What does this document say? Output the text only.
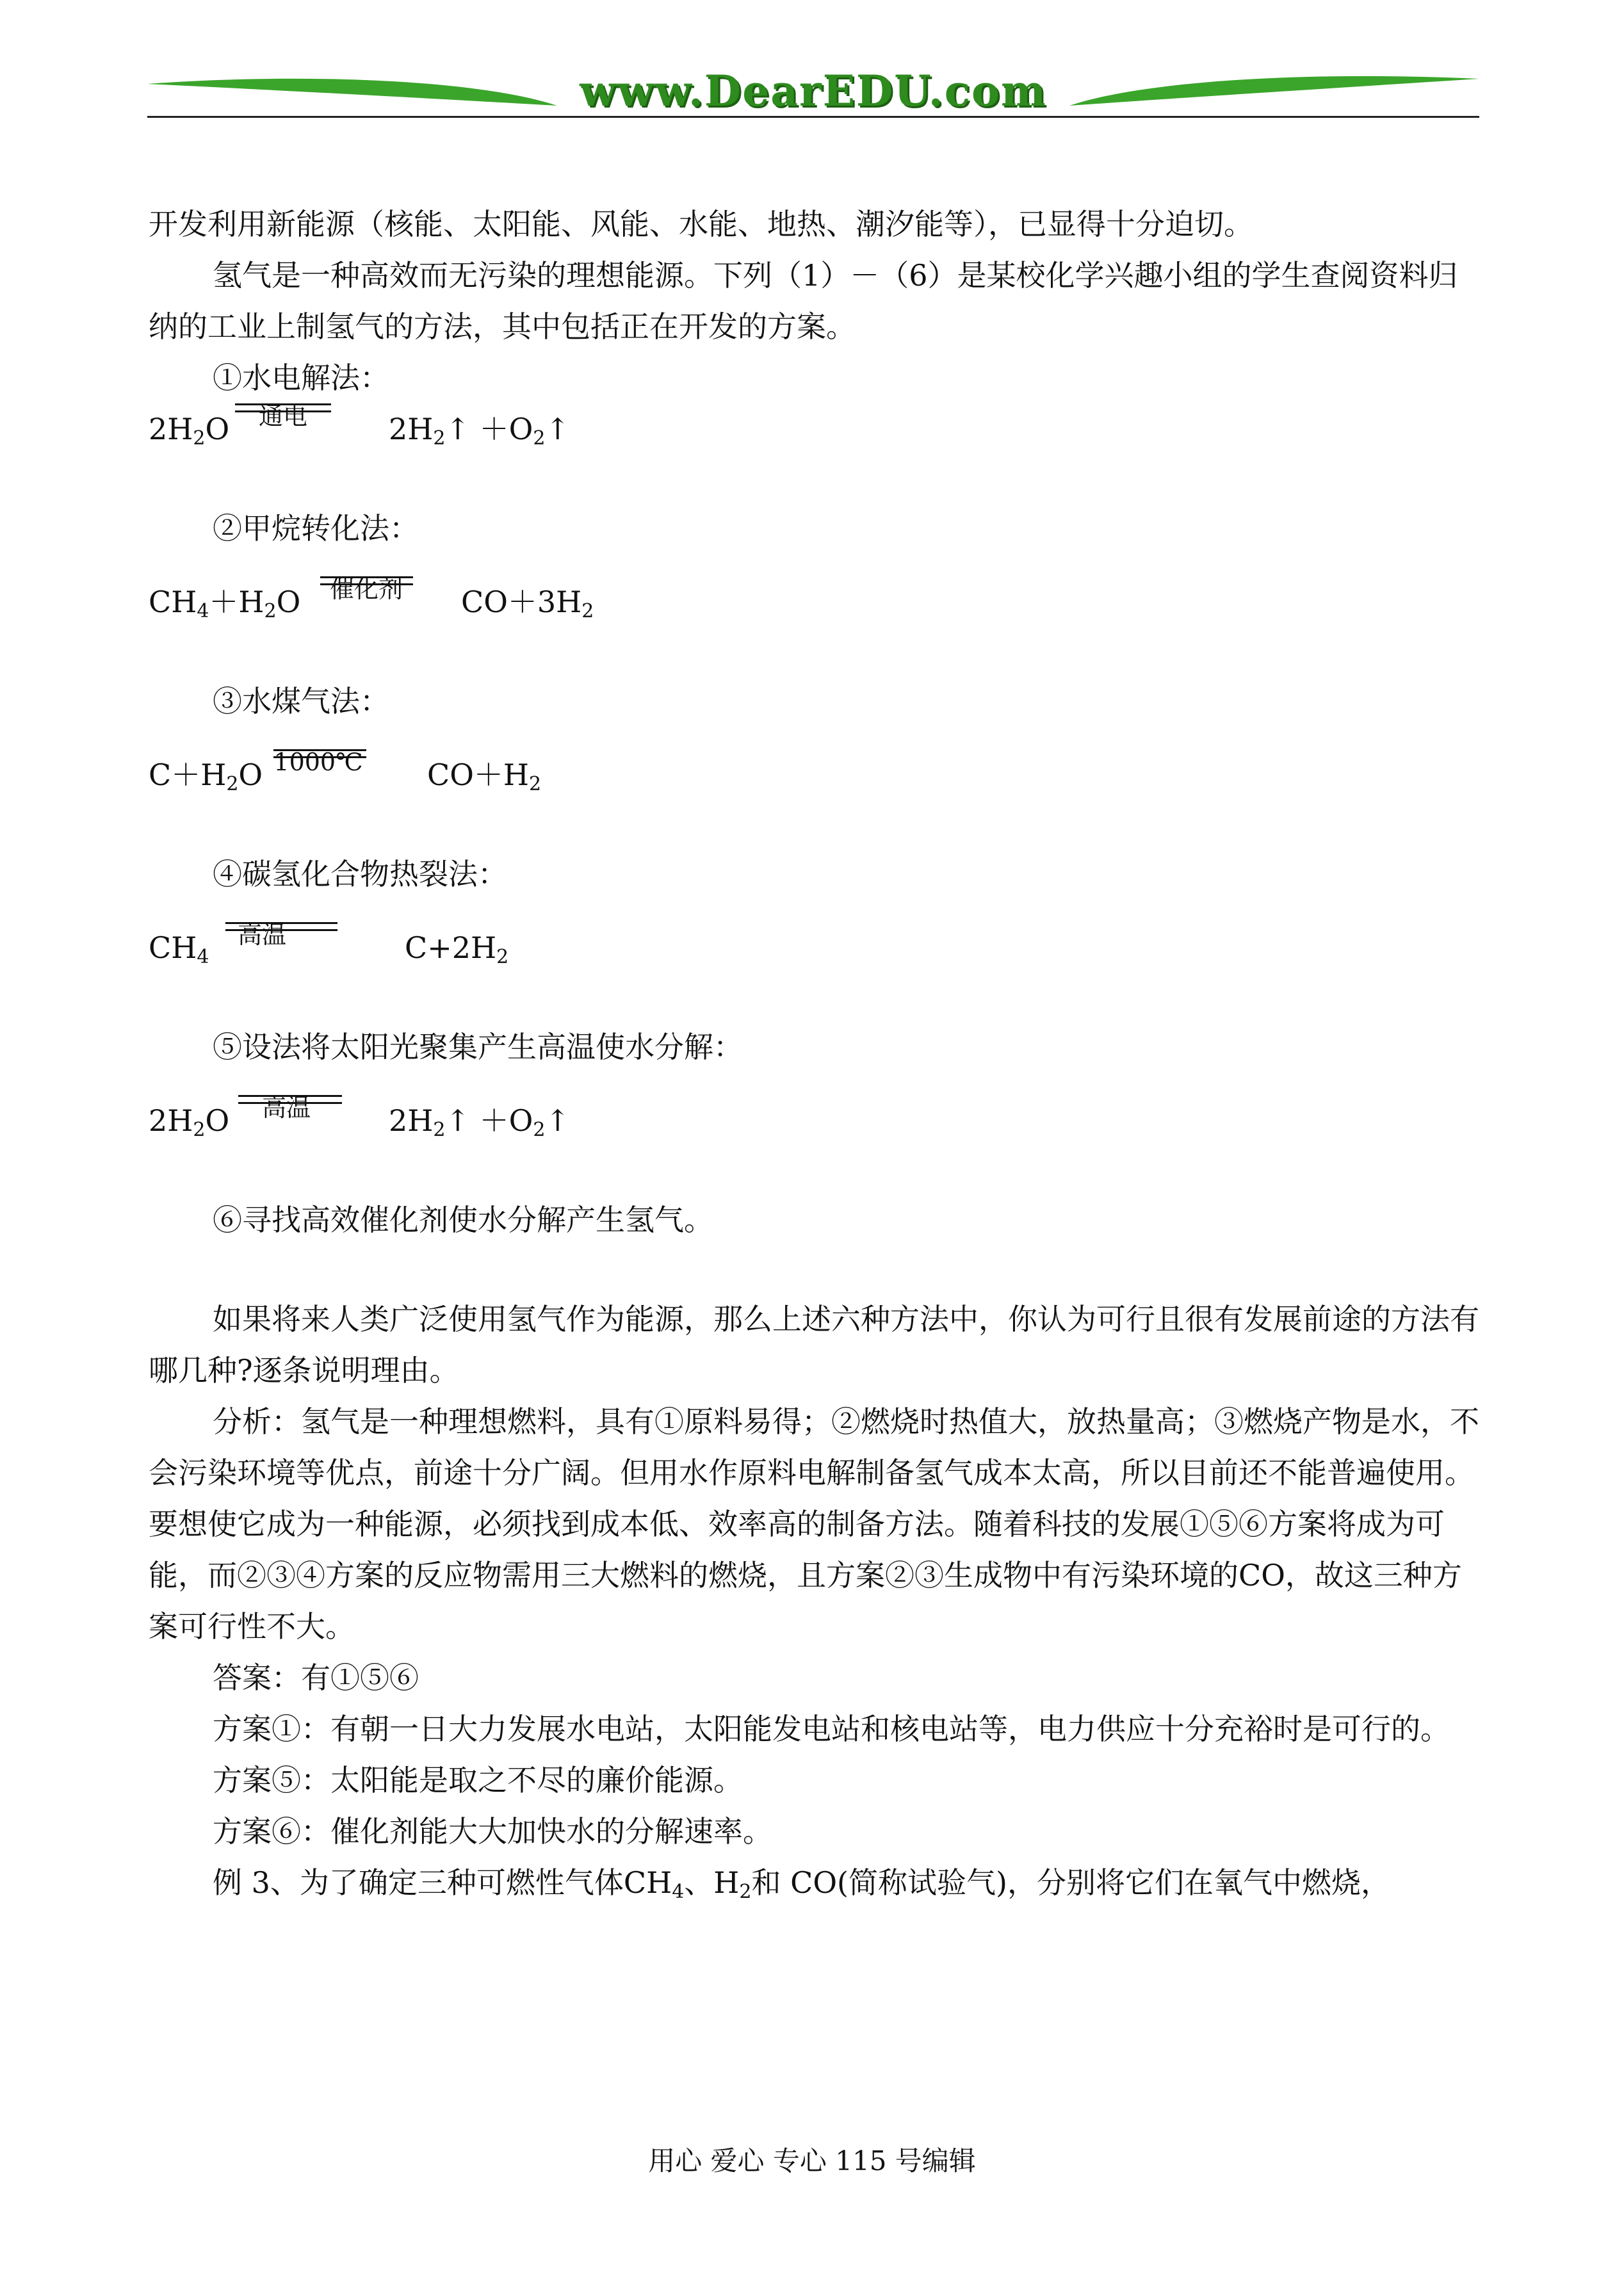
www.DearEDU.com

开发利用新能源（核能、太阳能、风能、水能、地热、潮汐能等），已显得十分迫切。

氢气是一种高效而无污染的理想能源。下列（1）－（6）是某校化学兴趣小组的学生查阅资料归纳的工业上制氢气的方法，其中包括正在开发的方案。

①水电解法：

$2H_2O$	通电	$2H_2↑$ $+O_2↑$

②甲烷转化法：

$CH_4+H_2O$	催化剂	$CO+3H_2$

③水煤气法：

$C+H_2O$ 1000℃ $CO+H_2$

④碳氢化合物热裂法：

$CH_4$
高温	$C+2H_2$

⑤设法将太阳光聚集产生高温使水分解：

$2H_2O$	高温	$2H_2↑$ $+O_2↑$

⑥寻找高效催化剂使水分解产生氢气。

如果将来人类广泛使用氢气作为能源，那么上述六种方法中，你认为可行且很有发展前途的方法有哪几种?逐条说明理由。

分析：氢气是一种理想燃料，具有①原料易得；②燃烧时热值大，放热量高；③燃烧产物是水，不会污染环境等优点，前途十分广阔。但用水作原料电解制备氢气成本太高，所以目前还不能普遍使用。要想使它成为一种能源，必须找到成本低、效率高的制备方法。随着科技的发展①⑤⑥方案将成为可能，而②③④方案的反应物需用三大燃料的燃烧，且方案②③生成物中有污染环境的CO，故这三种方案可行性不大。

答案：有①⑤⑥

方案①：有朝一日大力发展水电站，太阳能发电站和核电站等，电力供应十分充裕时是可行的。

方案⑤：太阳能是取之不尽的廉价能源。

方案⑥：催化剂能大大加快水的分解速率。

例 3、为了确定三种可燃性气体$CH_4$、$H_2$和 CO(简称试验气)，分别将它们在氧气中燃烧，

用心 爱心 专心 115 号编辑
